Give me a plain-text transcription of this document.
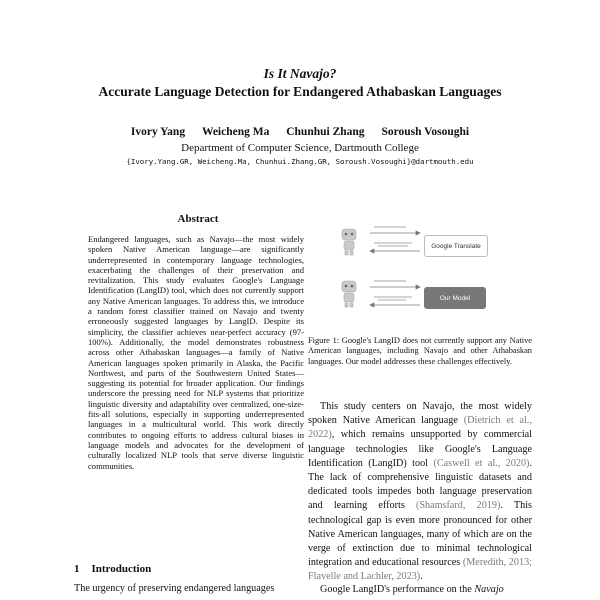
Is It Navajo?
Accurate Language Detection for Endangered Athabaskan Languages
Ivory Yang Weicheng Ma Chunhui Zhang Soroush Vosoughi
Department of Computer Science, Dartmouth College
{Ivory.Yang.GR, Weicheng.Ma, Chunhui.Zhang.GR, Soroush.Vosoughi}@dartmouth.edu
Abstract
Endangered languages, such as Navajo—the most widely spoken Native American language—are significantly underrepresented in contemporary language technologies, exacerbating the challenges of their preservation and revitalization. This study evaluates Google's Language Identification (LangID) tool, which does not currently support any Native American languages. To address this, we introduce a random forest classifier trained on Navajo and twenty erroneously suggested languages by LangID. Despite its simplicity, the classifier achieves near-perfect accuracy (97-100%). Additionally, the model demonstrates robustness across other Athabaskan languages—a family of Native American languages spoken primarily in Alaska, the Pacific Northwest, and parts of the Southwestern United States—suggesting its potential for broader application. Our findings underscore the pressing need for NLP systems that prioritize linguistic diversity and adaptability over centralized, one-size-fits-all solutions, especially in supporting underrepresented languages in a multicultural world. This work directly contributes to ongoing efforts to address cultural biases in language models and advocates for the development of culturally localized NLP tools that serve diverse linguistic communities.
1 Introduction
The urgency of preserving endangered languages
Google Translate
Our Model
Figure 1: Google's LangID does not currently support any Native American languages, including Navajo and other Athabaskan languages. Our model addresses these challenges effectively.
This study centers on Navajo, the most widely spoken Native American language (Dietrich et al., 2022), which remains unsupported by commercial language technologies like Google's Language Identification (LangID) tool (Caswell et al., 2020). The lack of comprehensive linguistic datasets and dedicated tools impedes both language preservation and learning efforts (Shamsfard, 2019). This technological gap is even more pronounced for other Native American languages, many of which are on the verge of extinction due to minimal technological integration and educational resources (Meredith, 2013; Flavelle and Lachler, 2023).
Google LangID's performance on the Navajo
